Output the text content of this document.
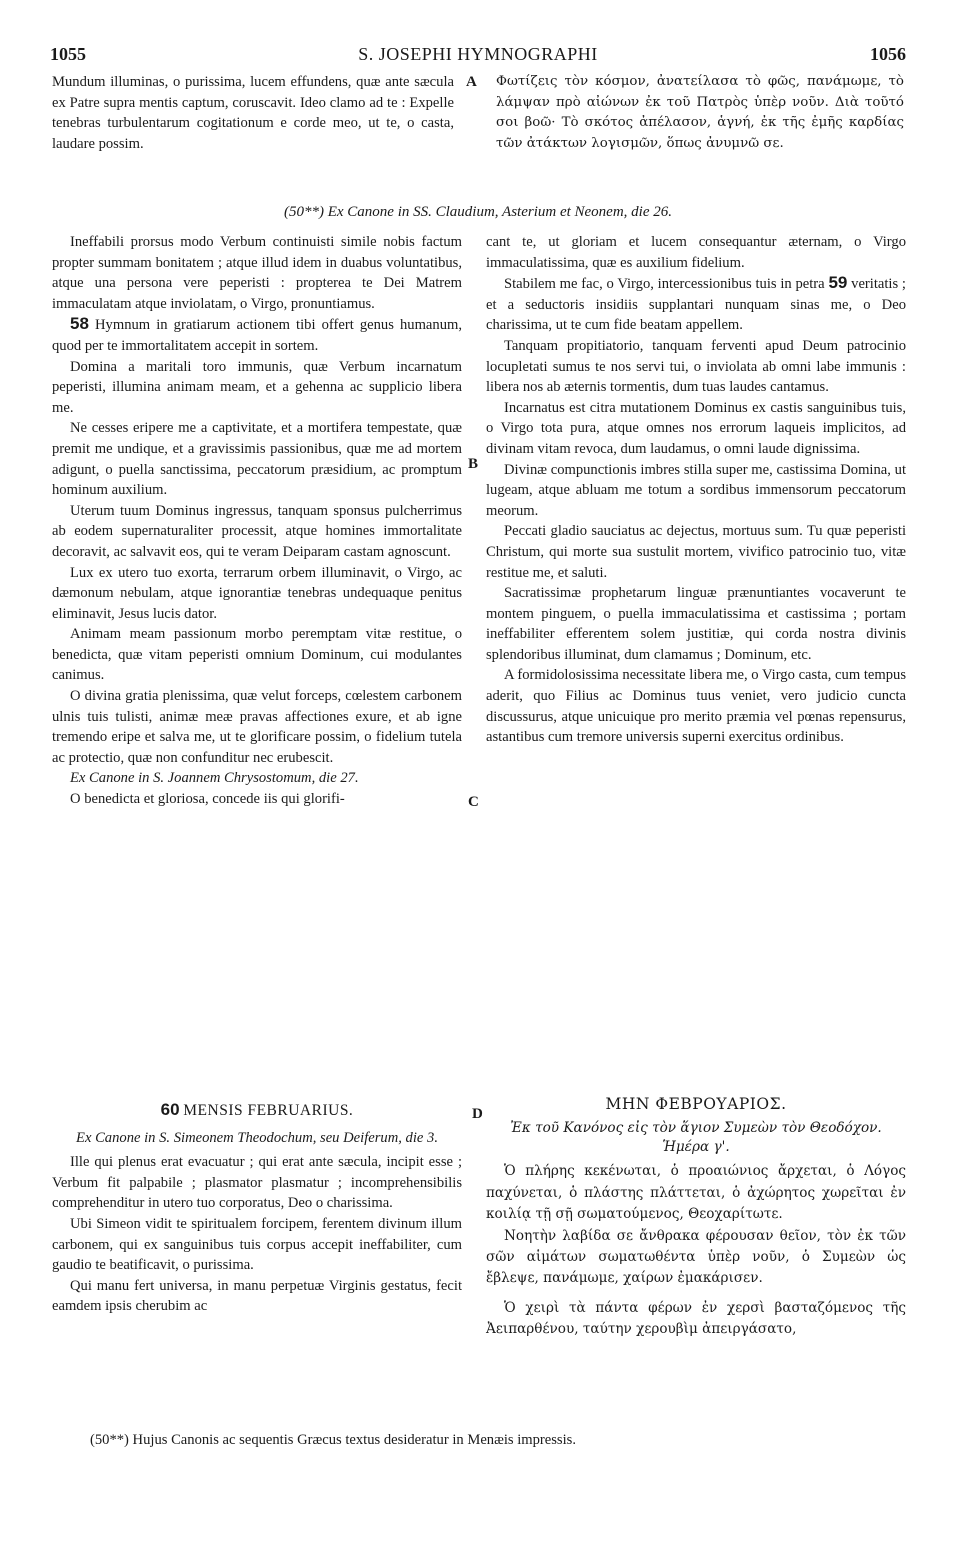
1055	S. JOSEPHI HYMNOGRAPHI	1056

Mundum illuminas, o purissima, lucem effundens, quæ ante sæcula ex Patre supra mentis captum, coruscavit. Ideo clamo ad te : Expelle tenebras turbulentarum cogitationum e corde meo, ut te, o casta, laudare possim.

A Φωτίζεις τὸν κόσμον, ἀνατείλασα τὸ φῶς, πανάμωμε, τὸ λάμψαν πρὸ αἰώνων ἐκ τοῦ Πατρὸς ὑπὲρ νοῦν. Διὰ τοῦτό σοι βοῶ· Τὸ σκότος ἀπέλασον, ἁγνή, ἐκ τῆς ἐμῆς καρδίας τῶν ἀτάκτων λογισμῶν, ὅπως ἀνυμνῶ σε.

(50**) Ex Canone in SS. Claudium, Asterium et Neonem, die 26.

Ineffabili prorsus modo Verbum continuisti simile nobis factum propter summam bonitatem ; atque illud idem in duabus voluntatibus, atque una persona vere peperisti : propterea te Dei Matrem immaculatam atque inviolatam, o Virgo, pronuntiamus.

58 Hymnum in gratiarum actionem tibi offert genus humanum, quod per te immortalitatem accepit in sortem.

Domina a maritali toro immunis, quæ Verbum incarnatum peperisti, illumina animam meam, et a gehenna ac supplicio libera me.

Ne cesses eripere me a captivitate, et a mortifera tempestate, quæ premit me undique, et a gravissimis passionibus, quæ me ad mortem adigunt, o puella sanctissima, peccatorum præsidium, ac promptum hominum auxilium.

Uterum tuum Dominus ingressus, tanquam sponsus pulcherrimus ab eodem supernaturaliter processit, atque homines immortalitate decoravit, ac salvavit eos, qui te veram Deiparam castam agnoscunt.

Lux ex utero tuo exorta, terrarum orbem illuminavit, o Virgo, ac dæmonum nebulam, atque ignorantiæ tenebras undequaque penitus eliminavit, Jesus lucis dator.

Animam meam passionum morbo peremptam vitæ restitue, o benedicta, quæ vitam peperisti omnium Dominum, cui modulantes canimus.

O divina gratia plenissima, quæ velut forceps, cœlestem carbonem ulnis tuis tulisti, animæ meæ pravas affectiones exure, et ab igne tremendo eripe et salva me, ut te glorificare possim, o fidelium tutela ac protectio, quæ non confunditur nec erubescit.

Ex Canone in S. Joannem Chrysostomum, die 27.

O benedicta et gloriosa, concede iis qui glorifi-

B
C
D

cant te, ut gloriam et lucem consequantur æternam, o Virgo immaculatissima, quæ es auxilium fidelium.

Stabilem me fac, o Virgo, intercessionibus tuis in petra 59 veritatis ; et a seductoris insidiis supplantari nunquam sinas me, o Deo charissima, ut te cum fide beatam appellem.

Tanquam propitiatorio, tanquam ferventi apud Deum patrocinio locupletati sumus te nos servi tui, o inviolata ab omni labe immunis : libera nos ab æternis tormentis, dum tuas laudes cantamus.

Incarnatus est citra mutationem Dominus ex castis sanguinibus tuis, o Virgo tota pura, atque omnes nos errorum laqueis implicitos, ad divinam vitam revoca, dum laudamus, o omni laude dignissima.

Divinæ compunctionis imbres stilla super me, castissima Domina, ut lugeam, atque abluam me totum a sordibus immensorum peccatorum meorum.

Peccati gladio sauciatus ac dejectus, mortuus sum. Tu quæ peperisti Christum, qui morte sua sustulit mortem, vivifico patrocinio tuo, vitæ restitue me, et saluti.

Sacratissimæ prophetarum linguæ prænuntiantes vocaverunt te montem pinguem, o puella immaculatissima et castissima ; portam ineffabiliter efferentem solem justitiæ, qui corda nostra divinis splendoribus illuminat, dum clamamus ; Dominum, etc.

A formidolosissima necessitate libera me, o Virgo casta, cum tempus aderit, quo Filius ac Dominus tuus veniet, vero judicio cuncta discussurus, atque unicuique pro merito præmia vel pœnas repensurus, astantibus cum tremore universis superni exercitus ordinibus.

60 MENSIS FEBRUARIUS.

Ex Canone in S. Simeonem Theodochum, seu Deiferum, die 3.

Ille qui plenus erat evacuatur ; qui erat ante sæcula, incipit esse ; Verbum fit palpabile ; plasmator plasmatur ; incomprehensibilis comprehenditur in utero tuo corporatus, Deo o charissima.

Ubi Simeon vidit te spiritualem forcipem, ferentem divinum illum carbonem, qui ex sanguinibus tuis corpus accepit ineffabiliter, cum gaudio te beatificavit, o purissima.

Qui manu fert universa, in manu perpetuæ Virginis gestatus, fecit eamdem ipsis cherubim ac

ΜΗΝ ΦΕΒΡΟΥΑΡΙΟΣ.

Ἐκ τοῦ Κανόνος εἰς τὸν ἅγιον Συμεὼν τὸν Θεοδόχον. Ἡμέρα γ'.

Ὁ πλήρης κεκένωται, ὁ προαιώνιος ἄρχεται, ὁ Λόγος παχύνεται, ὁ πλάστης πλάττεται, ὁ ἀχώρητος χωρεῖται ἐν κοιλίᾳ τῇ σῇ σωματούμενος, Θεοχαρίτωτε.

Νοητὴν λαβίδα σε ἄνθρακα φέρουσαν θεῖον, τὸν ἐκ τῶν σῶν αἱμάτων σωματωθέντα ὑπὲρ νοῦν, ὁ Συμεὼν ὡς ἔβλεψε, πανάμωμε, χαίρων ἐμακάρισεν.

Ὁ χειρὶ τὰ πάντα φέρων ἐν χερσὶ βασταζόμενος τῆς Ἀειπαρθένου, ταύτην χερουβὶμ ἀπειργάσατο,

(50**) Hujus Canonis ac sequentis Græcus textus desideratur in Menæis impressis.
